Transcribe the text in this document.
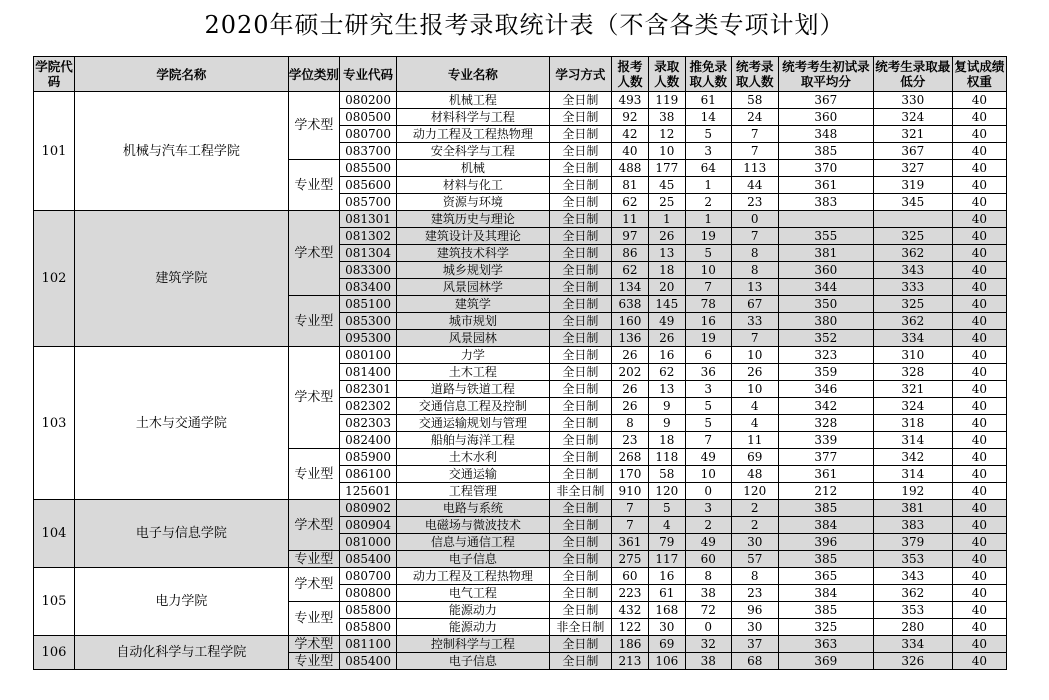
2020年硕士研究生报考录取统计表（不含各类专项计划）
学院代码	学院名称	学位类别	专业代码	专业名称	学习方式	报考人数	录取人数	推免录取人数	统考录取人数	统考考生初试录取平均分	统考生录取最低分	复试成绩权重
101	机械与汽车工程学院	学术型	080200	机械工程	全日制	493	119	61	58	367	330	40
			080500	材料科学与工程	全日制	92	38	14	24	360	324	40
			080700	动力工程及工程热物理	全日制	42	12	5	7	348	321	40
			083700	安全科学与工程	全日制	40	10	3	7	385	367	40
		专业型	085500	机械	全日制	488	177	64	113	370	327	40
			085600	材料与化工	全日制	81	45	1	44	361	319	40
			085700	资源与环境	全日制	62	25	2	23	383	345	40
102	建筑学院	学术型	081301	建筑历史与理论	全日制	11	1	1	0			40
			081302	建筑设计及其理论	全日制	97	26	19	7	355	325	40
			081304	建筑技术科学	全日制	86	13	5	8	381	362	40
			083300	城乡规划学	全日制	62	18	10	8	360	343	40
			083400	风景园林学	全日制	134	20	7	13	344	333	40
		专业型	085100	建筑学	全日制	638	145	78	67	350	325	40
			085300	城市规划	全日制	160	49	16	33	380	362	40
			095300	风景园林	全日制	136	26	19	7	352	334	40
103	土木与交通学院	学术型	080100	力学	全日制	26	16	6	10	323	310	40
			081400	土木工程	全日制	202	62	36	26	359	328	40
			082301	道路与铁道工程	全日制	26	13	3	10	346	321	40
			082302	交通信息工程及控制	全日制	26	9	5	4	342	324	40
			082303	交通运输规划与管理	全日制	8	9	5	4	328	318	40
			082400	船舶与海洋工程	全日制	23	18	7	11	339	314	40
		专业型	085900	土木水利	全日制	268	118	49	69	377	342	40
			086100	交通运输	全日制	170	58	10	48	361	314	40
			125601	工程管理	非全日制	910	120	0	120	212	192	40
104	电子与信息学院	学术型	080902	电路与系统	全日制	7	5	3	2	385	381	40
			080904	电磁场与微波技术	全日制	7	4	2	2	384	383	40
			081000	信息与通信工程	全日制	361	79	49	30	396	379	40
		专业型	085400	电子信息	全日制	275	117	60	57	385	353	40
105	电力学院	学术型	080700	动力工程及工程热物理	全日制	60	16	8	8	365	343	40
			080800	电气工程	全日制	223	61	38	23	384	362	40
		专业型	085800	能源动力	全日制	432	168	72	96	385	353	40
			085800	能源动力	非全日制	122	30	0	30	325	280	40
106	自动化科学与工程学院	学术型	081100	控制科学与工程	全日制	186	69	32	37	363	334	40
		专业型	085400	电子信息	全日制	213	106	38	68	369	326	40
